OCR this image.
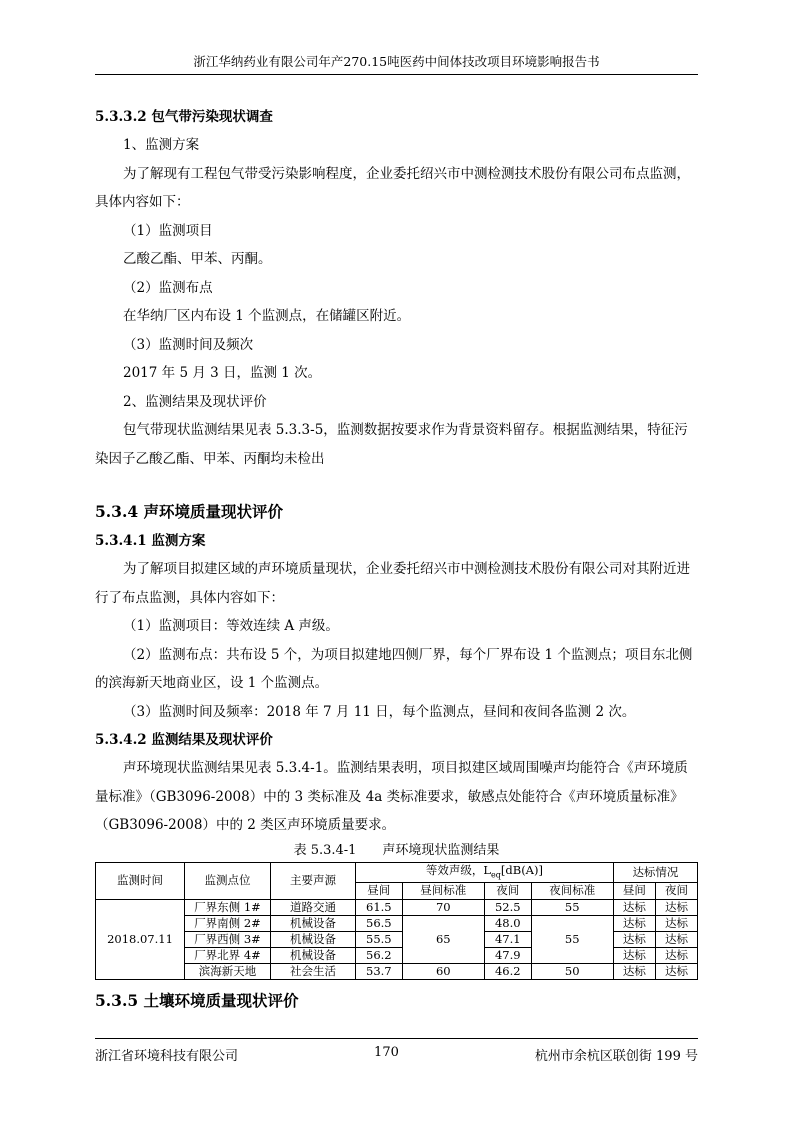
浙江华纳药业有限公司年产270.15吨医药中间体技改项目环境影响报告书

5.3.3.2 包气带污染现状调查

1、监测方案

为了解现有工程包气带受污染影响程度，企业委托绍兴市中测检测技术股份有限公司布点监测，具体内容如下：

（1）监测项目

乙酸乙酯、甲苯、丙酮。

（2）监测布点

在华纳厂区内布设 1 个监测点，在储罐区附近。

（3）监测时间及频次

2017 年 5 月 3 日，监测 1 次。

2、监测结果及现状评价

包气带现状监测结果见表 5.3.3-5，监测数据按要求作为背景资料留存。根据监测结果，特征污染因子乙酸乙酯、甲苯、丙酮均未检出

5.3.4 声环境质量现状评价

5.3.4.1 监测方案

为了解项目拟建区域的声环境质量现状，企业委托绍兴市中测检测技术股份有限公司对其附近进行了布点监测，具体内容如下：

（1）监测项目：等效连续 A 声级。

（2）监测布点：共布设 5 个，为项目拟建地四侧厂界，每个厂界布设 1 个监测点；项目东北侧的滨海新天地商业区，设 1 个监测点。

（3）监测时间及频率：2018 年 7 月 11 日，每个监测点，昼间和夜间各监测 2 次。

5.3.4.2 监测结果及现状评价

声环境现状监测结果见表 5.3.4-1。监测结果表明，项目拟建区域周围噪声均能符合《声环境质量标准》（GB3096-2008）中的 3 类标准及 4a 类标准要求，敏感点处能符合《声环境质量标准》（GB3096-2008）中的 2 类区声环境质量要求。

表 5.3.4-1　　声环境现状监测结果

监测时间	监测点位	主要声源	等效声级，$L_{eq}[dB(A)]$				达标情况	
			昼间	昼间标准	夜间	夜间标准	昼间	夜间
2018.07.11	厂界东侧 1#	道路交通	61.5	70	52.5	55	达标	达标
	厂界南侧 2#	机械设备	56.5	65	48.0	55	达标	达标
	厂界西侧 3#	机械设备	55.5		47.1		达标	达标
	厂界北界 4#	机械设备	56.2		47.9		达标	达标
	滨海新天地	社会生活	53.7	60	46.2	50	达标	达标

5.3.5 土壤环境质量现状评价

浙江省环境科技有限公司	170	杭州市余杭区联创街 199 号
